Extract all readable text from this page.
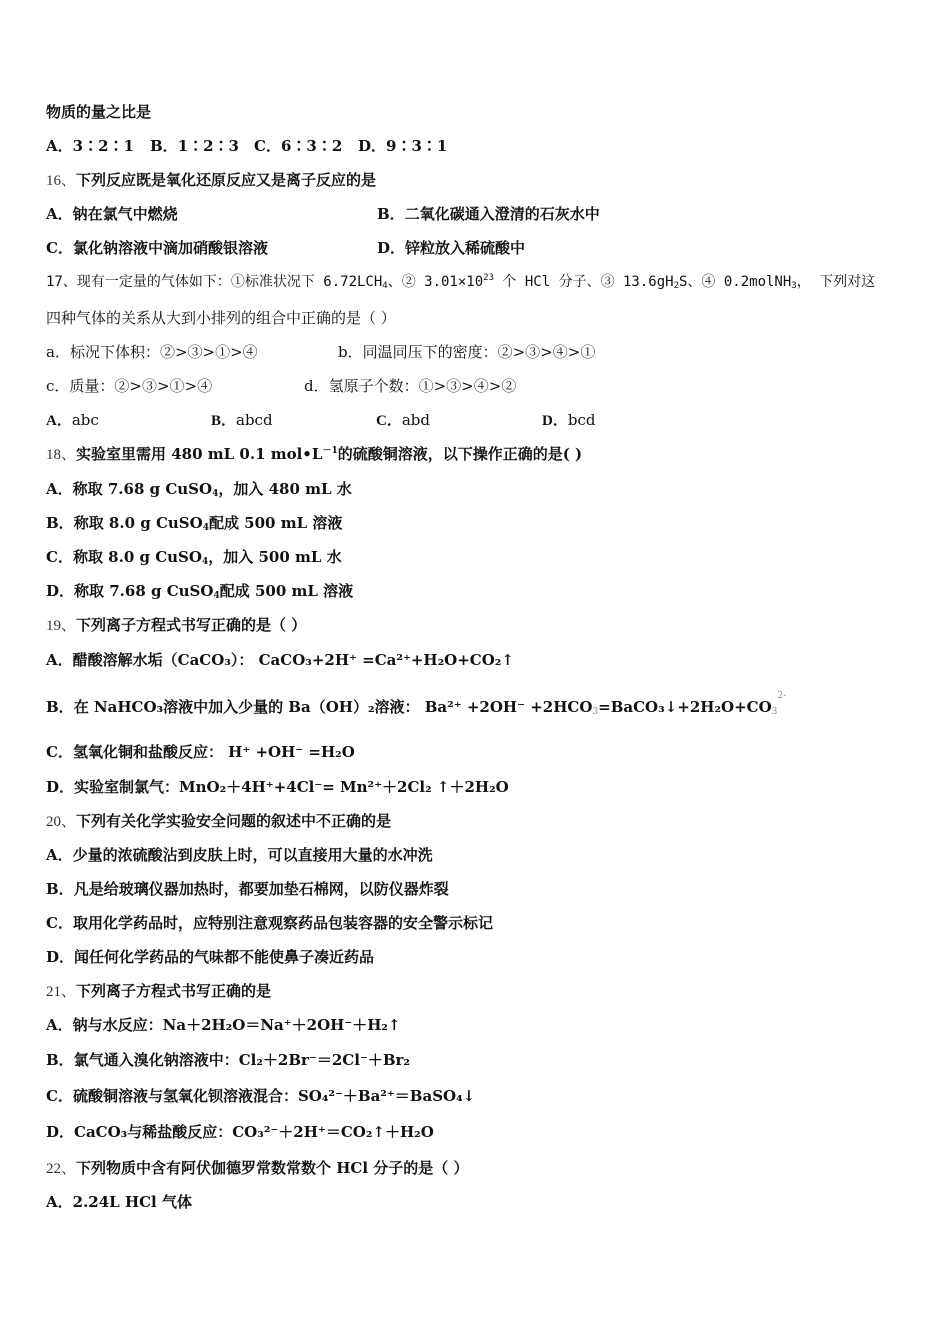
物质的量之比是
A．3∶2∶1 B．1∶2∶3 C．6∶3∶2 D．9∶3∶1
16、下列反应既是氧化还原反应又是离子反应的是
A．钠在氯气中燃烧	B．二氧化碳通入澄清的石灰水中
C．氯化钠溶液中滴加硝酸银溶液	D．锌粒放入稀硫酸中
17、现有一定量的气体如下：①标准状况下 $6.72LCH_4$、② $3.01\times 10^{23}$ 个 HCl 分子、③ $13.6gH_2S$、④ 0.2molNH$_3$， 下列对这
四种气体的关系从大到小排列的组合中正确的是（ ）
a．标况下体积：②>③>①>④	b．同温同压下的密度：②>③>④>①
c．质量：②>③>①>④	d．氢原子个数：①>③>④>②
A．abc	B．abcd	C．abd	D．bcd
18、实验室里需用 480 mL 0.1 $mol•L^{-1}$的硫酸铜溶液，以下操作正确的是( )
A．称取 7.68 g CuSO$_4$，加入 480 mL 水
B．称取 8.0 g CuSO$_4$配成 500 mL 溶液
C．称取 8.0 g CuSO$_4$，加入 500 mL 水
D．称取 7.68 g CuSO$_4$配成 500 mL 溶液
19、下列离子方程式书写正确的是（ ）
A．醋酸溶解水垢（CaCO₃）： CaCO₃+2H⁺ =Ca²⁺+H₂O+CO₂↑
B．在 NaHCO₃溶液中加入少量的 Ba（OH）₂溶液： $Ba^{2+} +2OH^- +2HCO_3=BaCO_3↓+2H_2O+CO_3^{2-}$
C．氢氧化铜和盐酸反应： H⁺ +OH⁻ =H₂O
D．实验室制氯气：MnO₂＋4H⁺+4Cl⁻= Mn²⁺＋2Cl₂ ↑＋2H₂O
20、下列有关化学实验安全问题的叙述中不正确的是
A．少量的浓硫酸沾到皮肤上时，可以直接用大量的水冲洗
B．凡是给玻璃仪器加热时，都要加垫石棉网，以防仪器炸裂
C．取用化学药品时，应特别注意观察药品包装容器的安全警示标记
D．闻任何化学药品的气味都不能使鼻子凑近药品
21、下列离子方程式书写正确的是
A．钠与水反应：Na＋2H₂O＝Na⁺＋2OH⁻＋H₂↑
B．氯气通入溴化钠溶液中：Cl₂＋2Br⁻＝2Cl⁻＋Br₂
C．硫酸铜溶液与氢氧化钡溶液混合：SO₄²⁻＋Ba²⁺＝BaSO₄↓
D．CaCO₃与稀盐酸反应：CO₃²⁻＋2H⁺＝CO₂↑＋H₂O
22、下列物质中含有阿伏伽德罗常数常数个 HCl 分子的是（ ）
A．2.24L HCl 气体
